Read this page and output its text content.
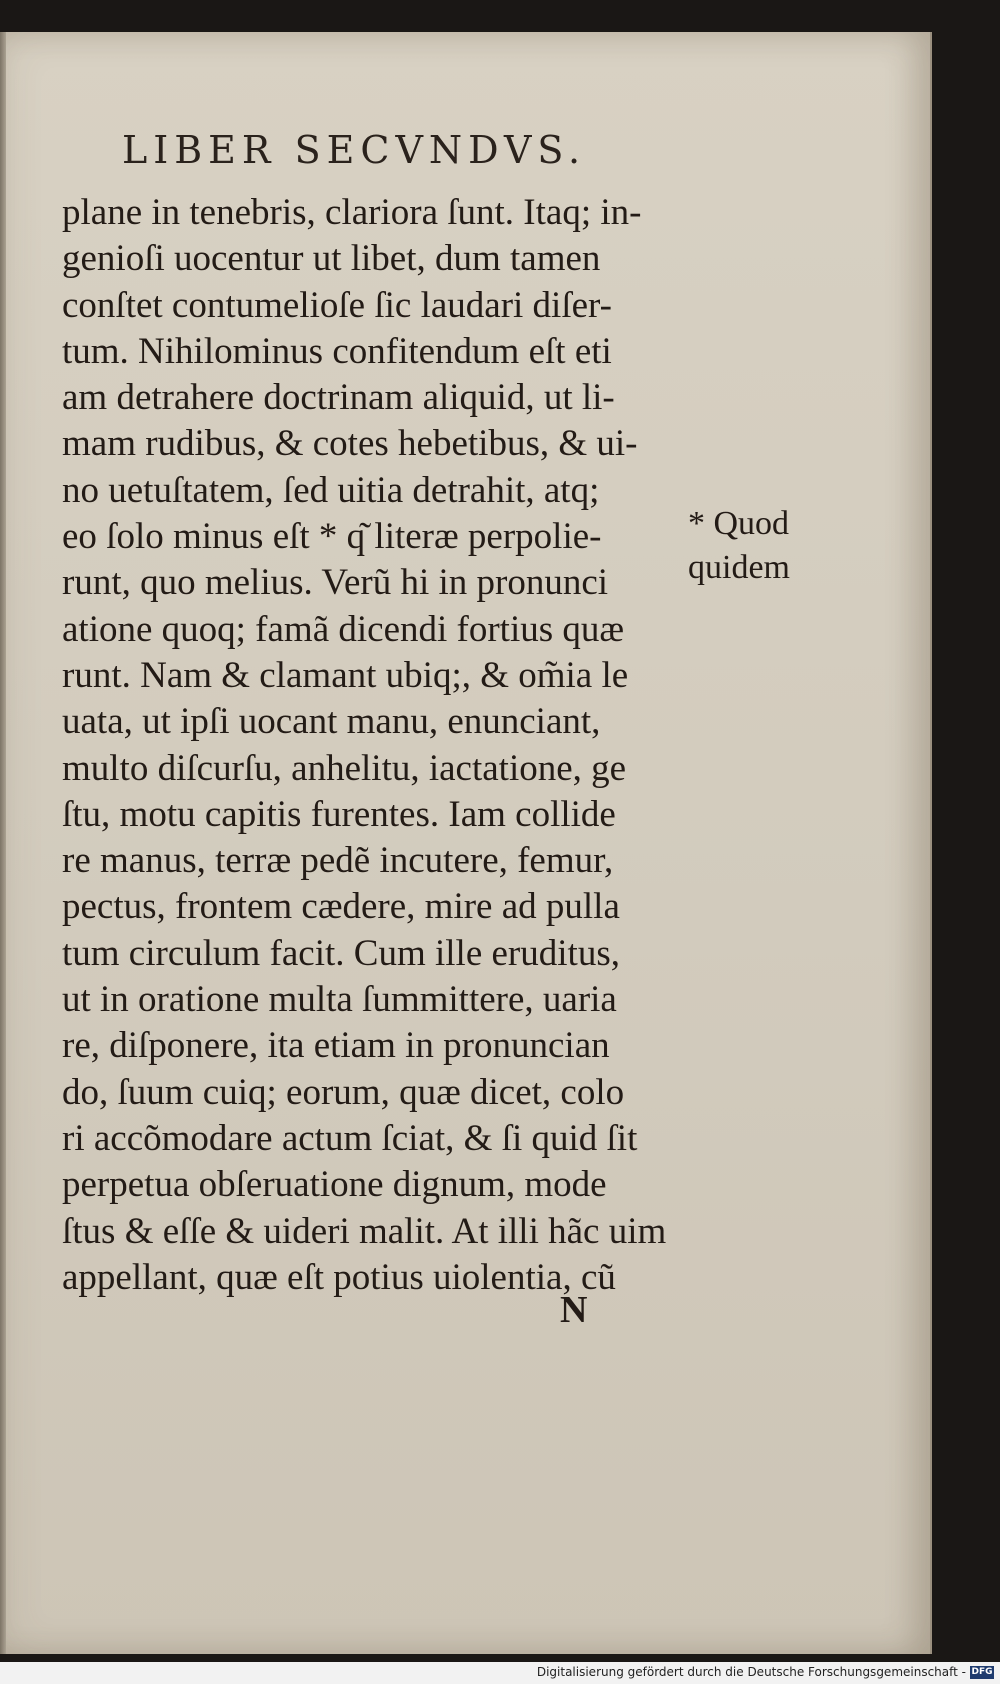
LIBER SECVNDVS.
plane in tenebris, clariora ſunt. Itaq; in-
genioſi uocentur ut libet, dum tamen
conſtet contumelioſe ſic laudari diſer-
tum. Nihilominus confitendum eſt eti
am detrahere doctrinam aliquid, ut li-
mam rudibus, & cotes hebetibus, & ui-
no uetuſtatem, ſed uitia detrahit, atq;
eo ſolo minus eſt * q͂ literæ perpolie-
runt, quo melius. Verũ hi in pronunci
atione quoq; famã dicendi fortius quæ
runt. Nam & clamant ubiq;, & om̃ia le
uata, ut ipſi uocant manu, enunciant,
multo diſcurſu, anhelitu, iactatione, ge
ſtu, motu capitis furentes. Iam collide
re manus, terræ pedẽ incutere, femur,
pectus, frontem cædere, mire ad pulla
tum circulum facit. Cum ille eruditus,
ut in oratione multa ſummittere, uaria
re, diſponere, ita etiam in pronuncian
do, ſuum cuiq; eorum, quæ dicet, colo
ri accõmodare actum ſciat, & ſi quid ſit
perpetua obſeruatione dignum, mode
ſtus & eſſe & uideri malit. At illi hãc uim
appellant, quæ eſt potius uiolentia, cũ
* Quod
quidem
N
Digitalisierung gefördert durch die Deutsche Forschungsgemeinschaft - DFG
